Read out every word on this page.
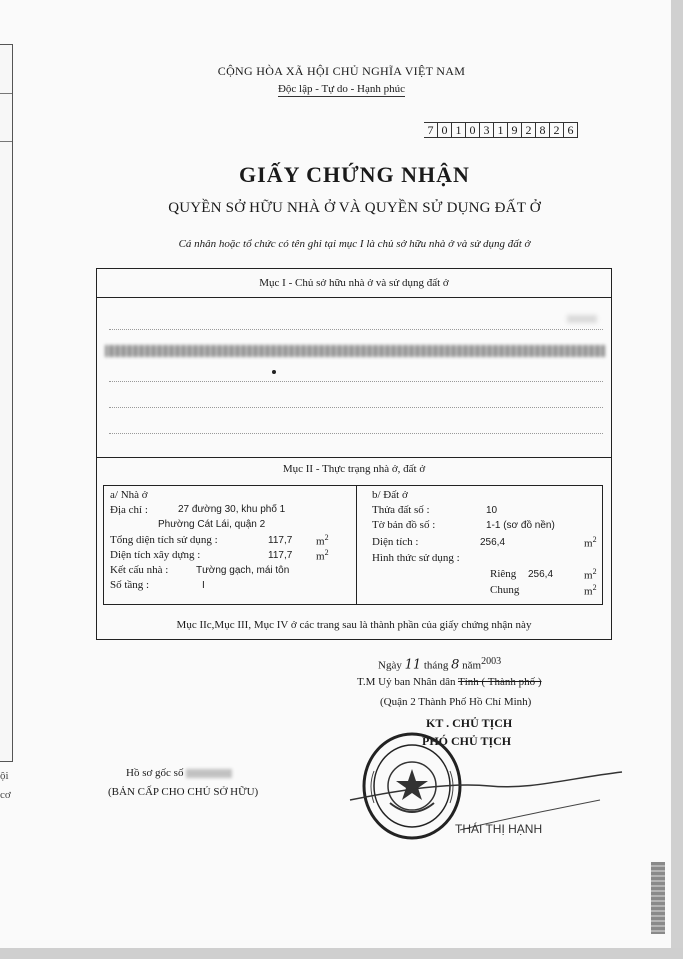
ội
cơ
CỘNG HÒA XÃ HỘI CHỦ NGHĨA VIỆT NAM
Độc lập - Tự do - Hạnh phúc
7 0 1 0 3 1 9 2 8 2 6
GIẤY CHỨNG NHẬN
QUYỀN SỞ HỮU NHÀ Ở VÀ QUYỀN SỬ DỤNG ĐẤT Ở
Cá nhân hoặc tổ chức có tên ghi tại mục I là chủ sở hữu nhà ở và sử dụng đất ở
Mục I - Chủ sở hữu nhà ở và sử dụng đất ở
Mục II - Thực trạng nhà ở, đất ở
a/ Nhà ở
Địa chỉ :	27 đường 30, khu phố 1
Phường Cát Lái, quận 2
Tổng diện tích sử dụng :	117,7 $m^2$
Diện tích xây dựng :	117,7 $m^2$
Kết cấu nhà :	Tường gạch, mái tôn
Số tầng :	I
b/ Đất ở
Thửa đất số :	10
Tờ bản đồ số :	1-1 (sơ đồ nền)
Diện tích :	256,4	$m^2$
Hình thức sử dụng :
Riêng 256,4	$m^2$
Chung	$m^2$
Mục IIc,Mục III, Mục IV ở các trang sau là thành phần của giấy chứng nhận này
Ngày 11 tháng 8 năm2003
T.M Uỷ ban Nhân dân Tỉnh ( Thành phố )
(Quận 2 Thành Phố Hồ Chí Minh)
KT . CHỦ TỊCH
PHÓ CHỦ TỊCH
Hồ sơ gốc số
(BẢN CẤP CHO CHỦ SỞ HỮU)
THÁI THỊ HẠNH
